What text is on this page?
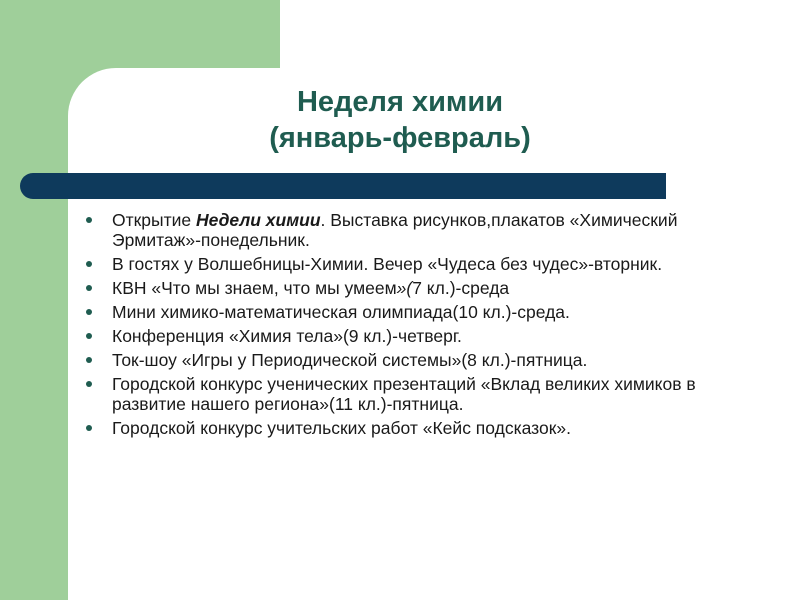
Неделя химии
(январь-февраль)
Открытие Недели химии. Выставка рисунков,плакатов «Химический Эрмитаж»-понедельник.
В гостях у Волшебницы-Химии. Вечер «Чудеса без чудес»-вторник.
КВН «Что мы знаем, что мы умеем»(7 кл.)-среда
Мини химико-математическая олимпиада(10 кл.)-среда.
Конференция «Химия тела»(9 кл.)-четверг.
Ток-шоу «Игры у Периодической системы»(8 кл.)-пятница.
Городской конкурс ученических презентаций «Вклад великих химиков в развитие нашего региона»(11 кл.)-пятница.
Городской конкурс учительских работ «Кейс подсказок».
